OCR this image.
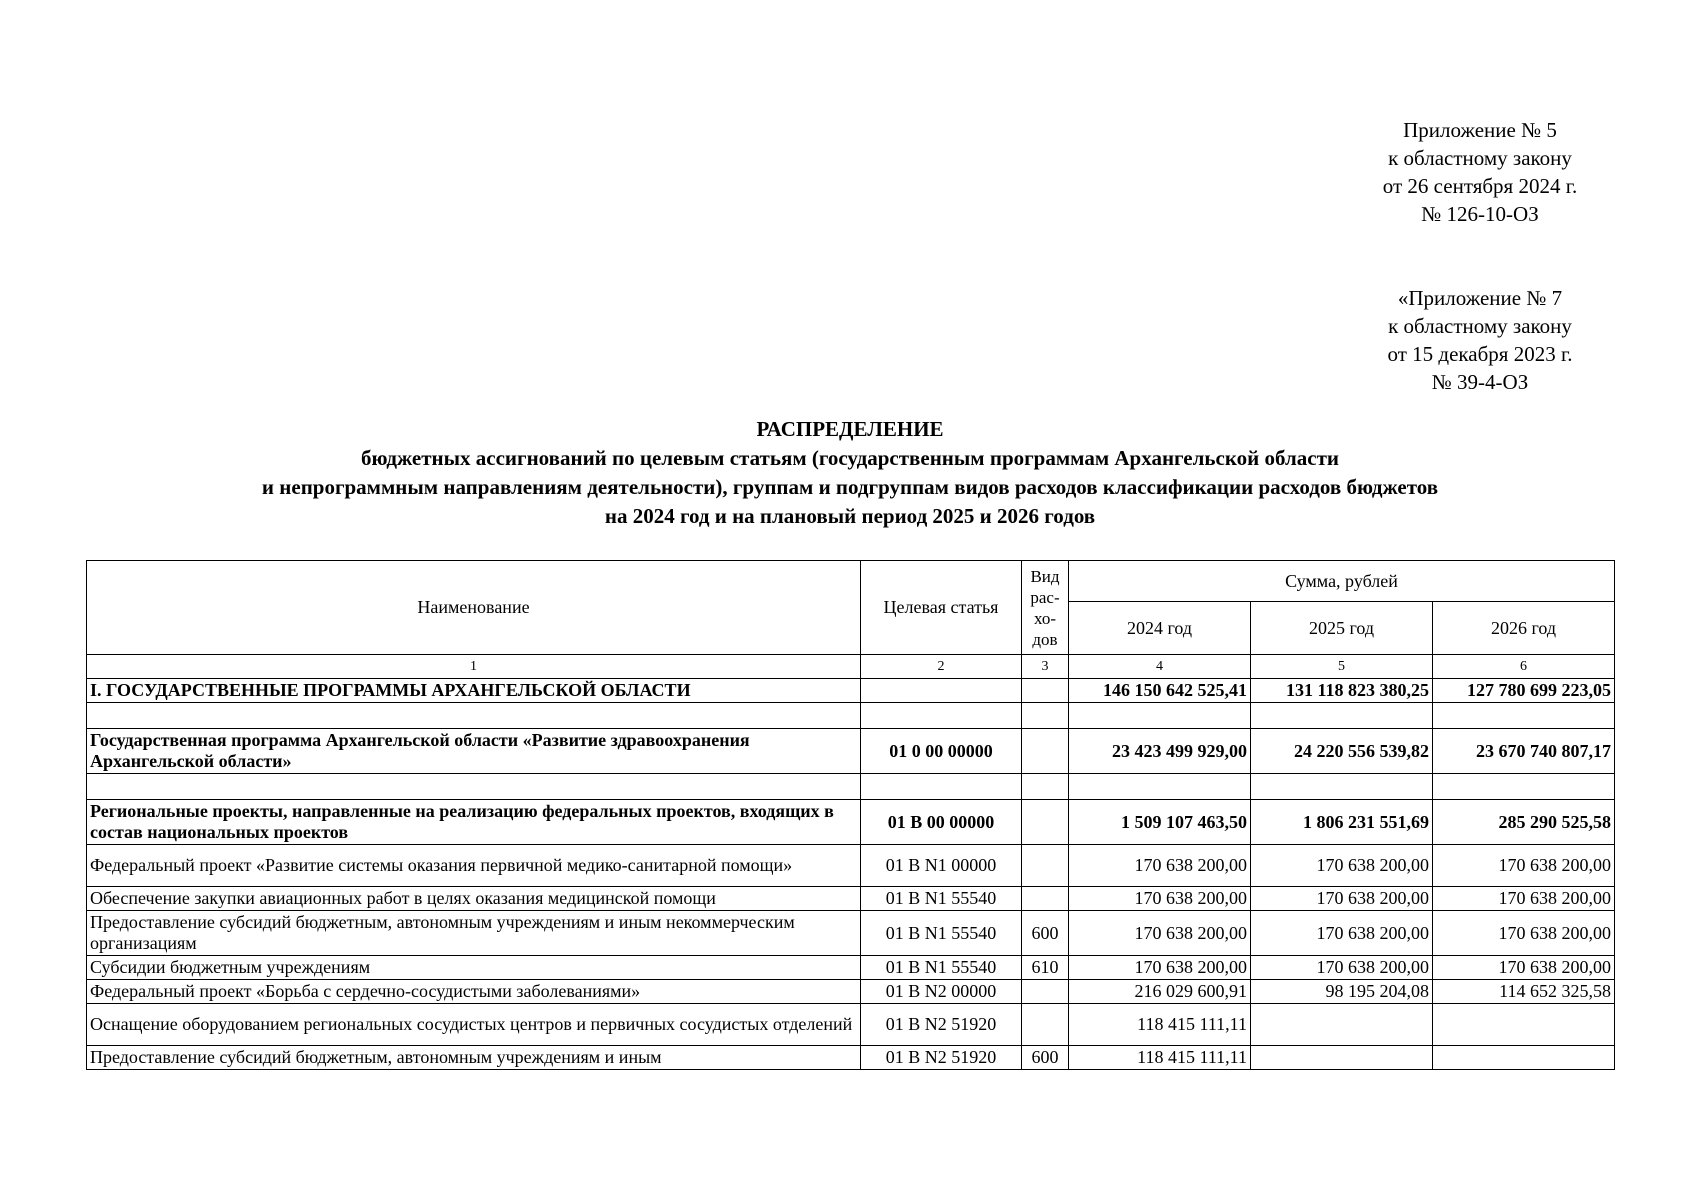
Приложение № 5
к областному закону
от 26 сентября 2024 г.
№ 126-10-ОЗ
«Приложение № 7
к областному закону
от 15 декабря 2023 г.
№ 39-4-ОЗ
РАСПРЕДЕЛЕНИЕ
бюджетных ассигнований по целевым статьям (государственным программам Архангельской области
и непрограммным направлениям деятельности), группам и подгруппам видов расходов классификации расходов бюджетов
на 2024 год и на плановый период 2025 и 2026 годов
Наименование	Целевая статья	Вид рас-хо-дов	Сумма, рублей		
			2024 год	2025 год	2026 год
1	2	3	4	5	6
I. ГОСУДАРСТВЕННЫЕ ПРОГРАММЫ АРХАНГЕЛЬСКОЙ ОБЛАСТИ			146 150 642 525,41	131 118 823 380,25	127 780 699 223,05

Государственная программа Архангельской области «Развитие здравоохранения Архангельской области»	01 0 00 00000		23 423 499 929,00	24 220 556 539,82	23 670 740 807,17

Региональные проекты, направленные на реализацию федеральных проектов, входящих в состав национальных проектов	01 В 00 00000		1 509 107 463,50	1 806 231 551,69	285 290 525,58
Федеральный проект «Развитие системы оказания первичной медико-санитарной помощи»	01 В N1 00000		170 638 200,00	170 638 200,00	170 638 200,00
Обеспечение закупки авиационных работ в целях оказания медицинской помощи	01 В N1 55540		170 638 200,00	170 638 200,00	170 638 200,00
Предоставление субсидий бюджетным, автономным учреждениям и иным некоммерческим организациям	01 В N1 55540	600	170 638 200,00	170 638 200,00	170 638 200,00
Субсидии бюджетным учреждениям	01 В N1 55540	610	170 638 200,00	170 638 200,00	170 638 200,00
Федеральный проект «Борьба с сердечно-сосудистыми заболеваниями»	01 В N2 00000		216 029 600,91	98 195 204,08	114 652 325,58
Оснащение оборудованием региональных сосудистых центров и первичных сосудистых отделений	01 В N2 51920		118 415 111,11		
Предоставление субсидий бюджетным, автономным учреждениям и иным	01 В N2 51920	600	118 415 111,11		
